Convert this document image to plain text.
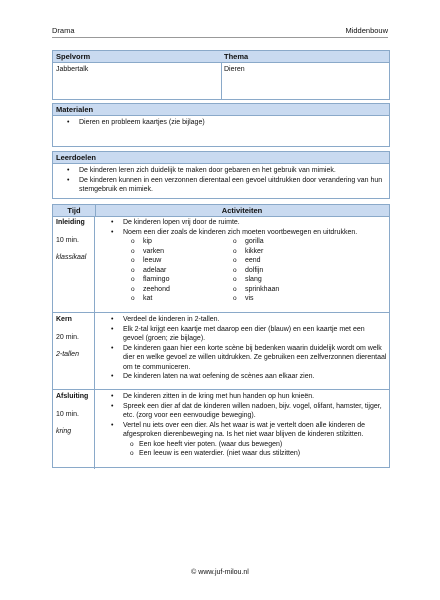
Drama	Middenbouw
Spelvorm
Jabbertalk
Thema
Dieren
Materialen
• Dieren en probleem kaartjes (zie bijlage)
Leerdoelen
• De kinderen leren zich duidelijk te maken door gebaren en het gebruik van mimiek.
• De kinderen kunnen in een verzonnen dierentaal een gevoel uitdrukken door verandering van hun stemgebruik en mimiek.
Tijd	Activiteiten
Inleiding
10 min.
klassikaal
• De kinderen lopen vrij door de ruimte.
• Noem een dier zoals de kinderen zich moeten voortbewegen en uitdrukken.
o kip
o varken
o leeuw
o adelaar
o flamingo
o zeehond
o kat
o gorilla
o kikker
o eend
o dolfijn
o slang
o sprinkhaan
o vis
Kern
20 min.
2-tallen
• Verdeel de kinderen in 2-tallen.
• Elk 2-tal krijgt een kaartje met daarop een dier (blauw) en een kaartje met een gevoel (groen; zie bijlage).
• De kinderen gaan hier een korte scène bij bedenken waarin duidelijk wordt om welk dier en welke gevoel ze willen uitdrukken. Ze gebruiken een zelfverzonnen dierentaal om te communiceren.
• De kinderen laten na wat oefening de scènes aan elkaar zien.
Afsluiting
10 min.
kring
• De kinderen zitten in de kring met hun handen op hun knieën.
• Spreek een dier af dat de kinderen willen nadoen, bijv. vogel, olifant, hamster, tijger, etc. (zorg voor een eenvoudige beweging).
• Vertel nu iets over een dier. Als het waar is wat je vertelt doen alle kinderen de afgesproken dierenbeweging na. Is het niet waar blijven de kinderen stilzitten.
o Een koe heeft vier poten. (waar dus bewegen)
o Een leeuw is een waterdier. (niet waar dus stilzitten)
© www.juf-milou.nl
